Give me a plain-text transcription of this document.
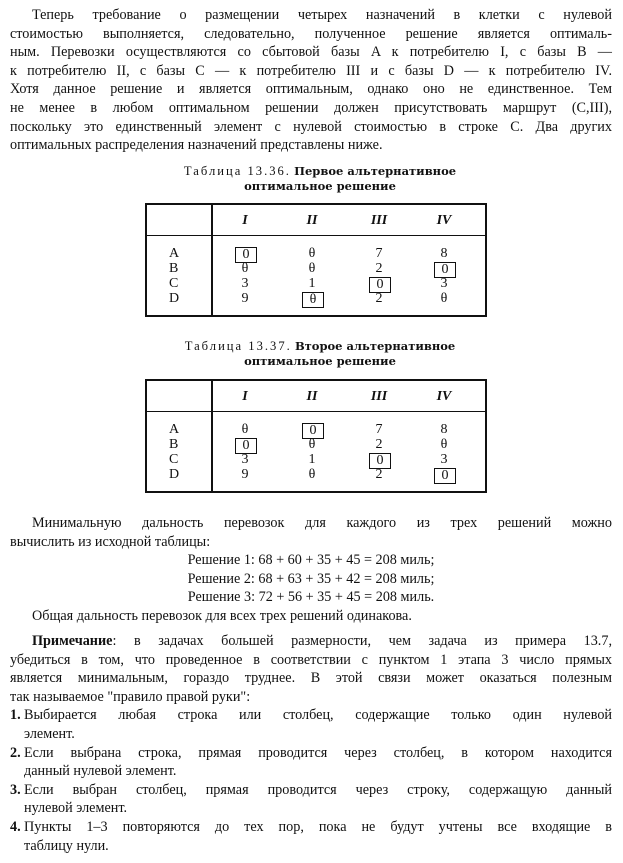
Теперь требование о размещении четырех назначений в клетки с нулевой
стоимостью выполняется, следовательно, полученное решение является оптималь-
ным. Перевозки осуществляются со сбытовой базы A к потребителю I, с базы B —
к потребителю II, с базы C — к потребителю III и с базы D — к потребителю IV.
Хотя данное решение и является оптимальным, однако оно не единственное. Тем
не менее в любом оптимальном решении должен присутствовать маршрут (C,III),
поскольку это единственный элемент с нулевой стоимостью в строке C. Два других
оптимальных распределения назначений представлены ниже.
Таблица 13.36. Первое альтернативное
оптимальное решение
I	II	III	IV
A	0	θ	7	8
B	θ	θ	2	0
C	3	1	0	3
D	9	θ	2	θ
Таблица 13.37. Второе альтернативное
оптимальное решение
I	II	III	IV
A	θ	0	7	8
B	0	θ	2	θ
C	3	1	0	3
D	9	θ	2	0
Минимальную дальность перевозок для каждого из трех решений можно
вычислить из исходной таблицы:
Решение 1: 68 + 60 + 35 + 45 = 208 миль;
Решение 2: 68 + 63 + 35 + 42 = 208 миль;
Решение 3: 72 + 56 + 35 + 45 = 208 миль.
Общая дальность перевозок для всех трех решений одинакова.
Примечание: в задачах большей размерности, чем задача из примера 13.7,
убедиться в том, что проведенное в соответствии с пунктом 1 этапа 3 число прямых
является минимальным, гораздо труднее. В этой связи может оказаться полезным
так называемое "правило правой руки":
1. Выбирается любая строка или столбец, содержащие только один нулевой
элемент.
2. Если выбрана строка, прямая проводится через столбец, в котором находится
данный нулевой элемент.
3. Если выбран столбец, прямая проводится через строку, содержащую данный
нулевой элемент.
4. Пункты 1–3 повторяются до тех пор, пока не будут учтены все входящие в
таблицу нули.
